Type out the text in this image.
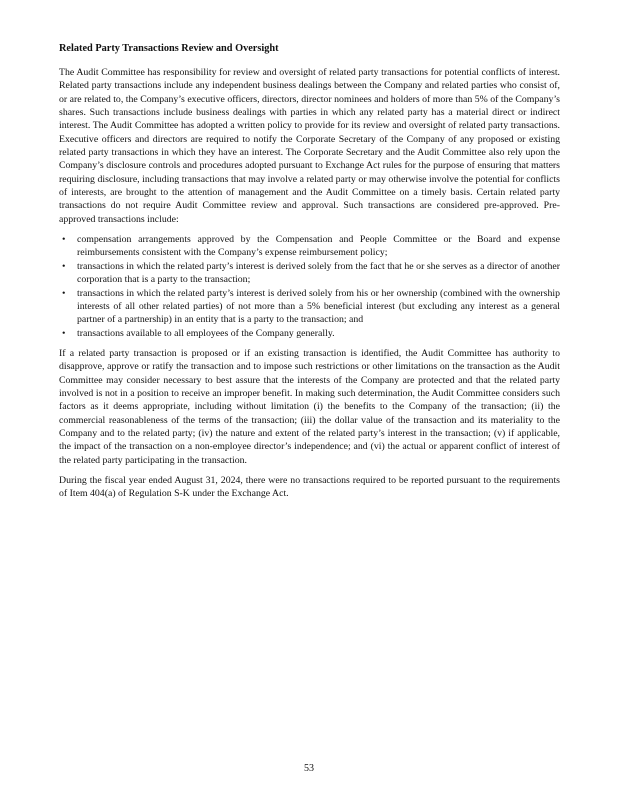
Related Party Transactions Review and Oversight

The Audit Committee has responsibility for review and oversight of related party transactions for potential conflicts of interest. Related party transactions include any independent business dealings between the Company and related parties who consist of, or are related to, the Company’s executive officers, directors, director nominees and holders of more than 5% of the Company’s shares. Such transactions include business dealings with parties in which any related party has a material direct or indirect interest. The Audit Committee has adopted a written policy to provide for its review and oversight of related party transactions. Executive officers and directors are required to notify the Corporate Secretary of the Company of any proposed or existing related party transactions in which they have an interest. The Corporate Secretary and the Audit Committee also rely upon the Company’s disclosure controls and procedures adopted pursuant to Exchange Act rules for the purpose of ensuring that matters requiring disclosure, including transactions that may involve a related party or may otherwise involve the potential for conflicts of interests, are brought to the attention of management and the Audit Committee on a timely basis. Certain related party transactions do not require Audit Committee review and approval. Such transactions are considered pre-approved. Pre-approved transactions include:

• compensation arrangements approved by the Compensation and People Committee or the Board and expense reimbursements consistent with the Company’s expense reimbursement policy;
• transactions in which the related party’s interest is derived solely from the fact that he or she serves as a director of another corporation that is a party to the transaction;
• transactions in which the related party’s interest is derived solely from his or her ownership (combined with the ownership interests of all other related parties) of not more than a 5% beneficial interest (but excluding any interest as a general partner of a partnership) in an entity that is a party to the transaction; and
• transactions available to all employees of the Company generally.

If a related party transaction is proposed or if an existing transaction is identified, the Audit Committee has authority to disapprove, approve or ratify the transaction and to impose such restrictions or other limitations on the transaction as the Audit Committee may consider necessary to best assure that the interests of the Company are protected and that the related party involved is not in a position to receive an improper benefit. In making such determination, the Audit Committee considers such factors as it deems appropriate, including without limitation (i) the benefits to the Company of the transaction; (ii) the commercial reasonableness of the terms of the transaction; (iii) the dollar value of the transaction and its materiality to the Company and to the related party; (iv) the nature and extent of the related party’s interest in the transaction; (v) if applicable, the impact of the transaction on a non-employee director’s independence; and (vi) the actual or apparent conflict of interest of the related party participating in the transaction.

During the fiscal year ended August 31, 2024, there were no transactions required to be reported pursuant to the requirements of Item 404(a) of Regulation S-K under the Exchange Act.

53
